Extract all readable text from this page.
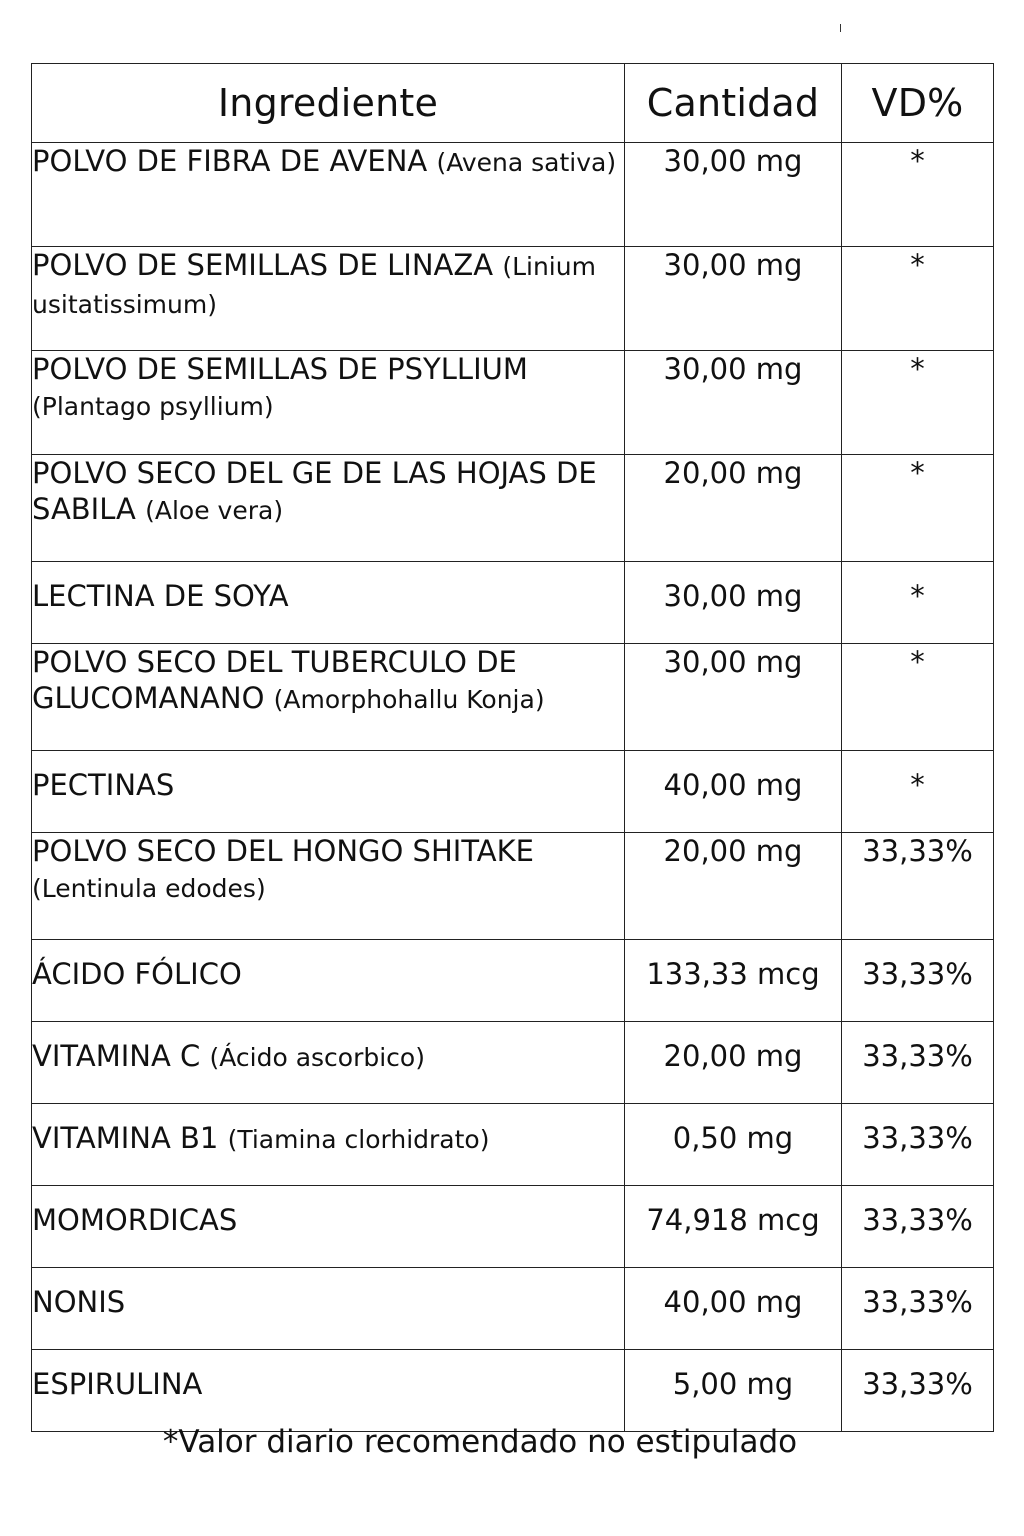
Ingrediente	Cantidad	VD%
POLVO DE FIBRA DE AVENA (Avena sativa)	30,00 mg	*
POLVO DE SEMILLAS DE LINAZA (Linium usitatissimum)	30,00 mg	*
POLVO DE SEMILLAS DE PSYLLIUM (Plantago psyllium)	30,00 mg	*
POLVO SECO DEL GE DE LAS HOJAS DE SABILA (Aloe vera)	20,00 mg	*
LECTINA DE SOYA	30,00 mg	*
POLVO SECO DEL TUBERCULO DE GLUCOMANANO (Amorphohallu Konja)	30,00 mg	*
PECTINAS	40,00 mg	*
POLVO SECO DEL HONGO SHITAKE (Lentinula edodes)	20,00 mg	33,33%
ÁCIDO FÓLICO	133,33 mcg	33,33%
VITAMINA C (Ácido ascorbico)	20,00 mg	33,33%
VITAMINA B1 (Tiamina clorhidrato)	0,50 mg	33,33%
MOMORDICAS	74,918 mcg	33,33%
NONIS	40,00 mg	33,33%
ESPIRULINA	5,00 mg	33,33%
*Valor diario recomendado no estipulado
